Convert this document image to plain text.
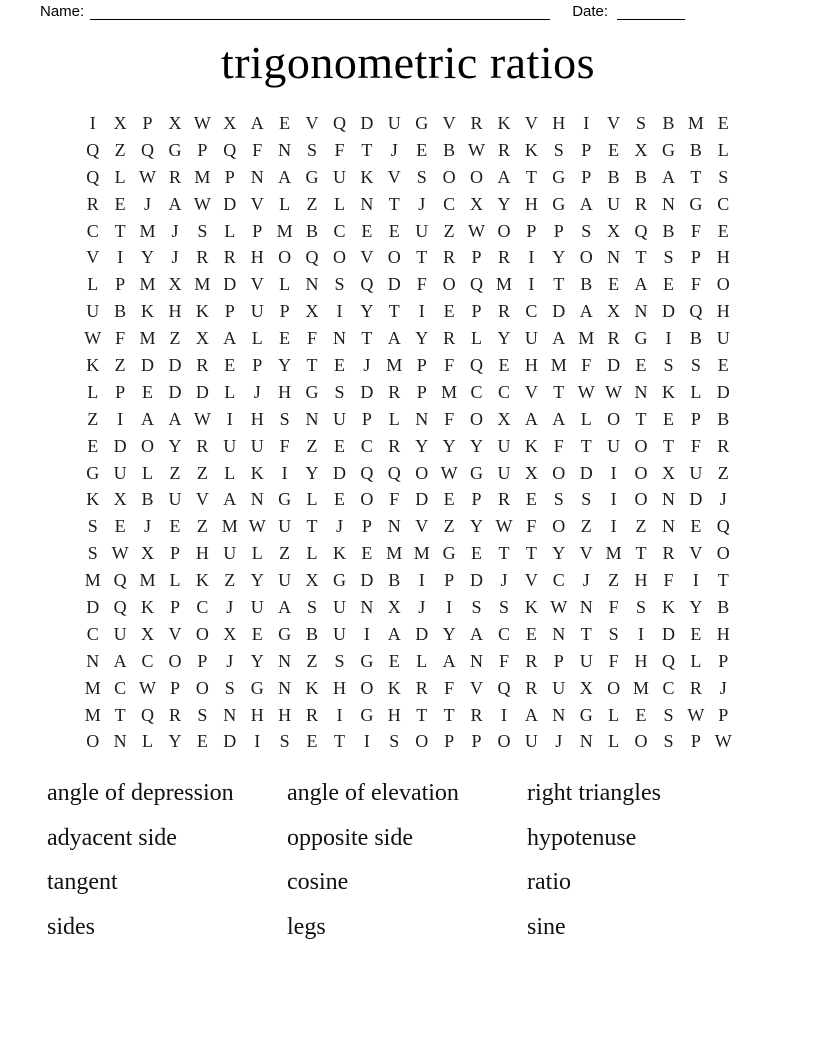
Name:	Date:
trigonometric ratios
I X P X W X A E V Q D U G V R K V H I V S B M E
Q Z Q G P Q F N S F T	J	E B W R K S P E X G B L
Q L W R M P N A G U K V S O O A T G P B B A T S
R E	J A W D V L Z L N T	J C X Y H G A U R N G C
C T M J	S L P M B C E E U Z W O P P S X Q B F E
V I Y J R R H O Q O V O T R P R	I Y O N T S P H
L P M X M D V L N S Q D F O Q M I	T B E A E F O
U B K H K P U P X I Y T	I	E P R C D A X N D Q H
W F M Z X A L E F N T A Y R L Y U A M R G I	B U
K Z D D R E P Y T E	J M P F Q E H M F D E S S E
L P E D D L	J H G S D R P M C C V T W W N K L D
Z	I A A W I H S N U P L N F O X A A L O T E P B
E D O Y R U U F Z E C R Y Y Y U K F T U O T F R
G U L Z Z L K I Y D Q Q O W G U X O D I O X U Z
K X B U V A N G L E O F D E P R E S S	I O N D J
S E	J	E Z M W U T	J	P N V Z Y W F O Z	I	Z N E Q
S W X P H U L Z L K E M M G E T T Y V M T R V O
M Q M L K Z Y U X G D B	I	P D J V C J	Z H F	I	T
D Q K P C J U A S U N X J	I	S S K W N F S K Y B
C U X V O X E G B U I A D Y A C E N T S	I D E H
N A C O P	J Y N Z S G E L A N F R P U F H Q L P
M C W P O S G N K H O K R F V Q R U X O M C R J
M T Q R S N H H R	I G H T T R	I A N G L E S W P
O N L Y E D I	S E T	I	S O P P O U J N L O S P W
angle of depression	angle of elevation	right triangles
adyacent side	opposite side	hypotenuse
tangent	cosine	ratio
sides	legs	sine
